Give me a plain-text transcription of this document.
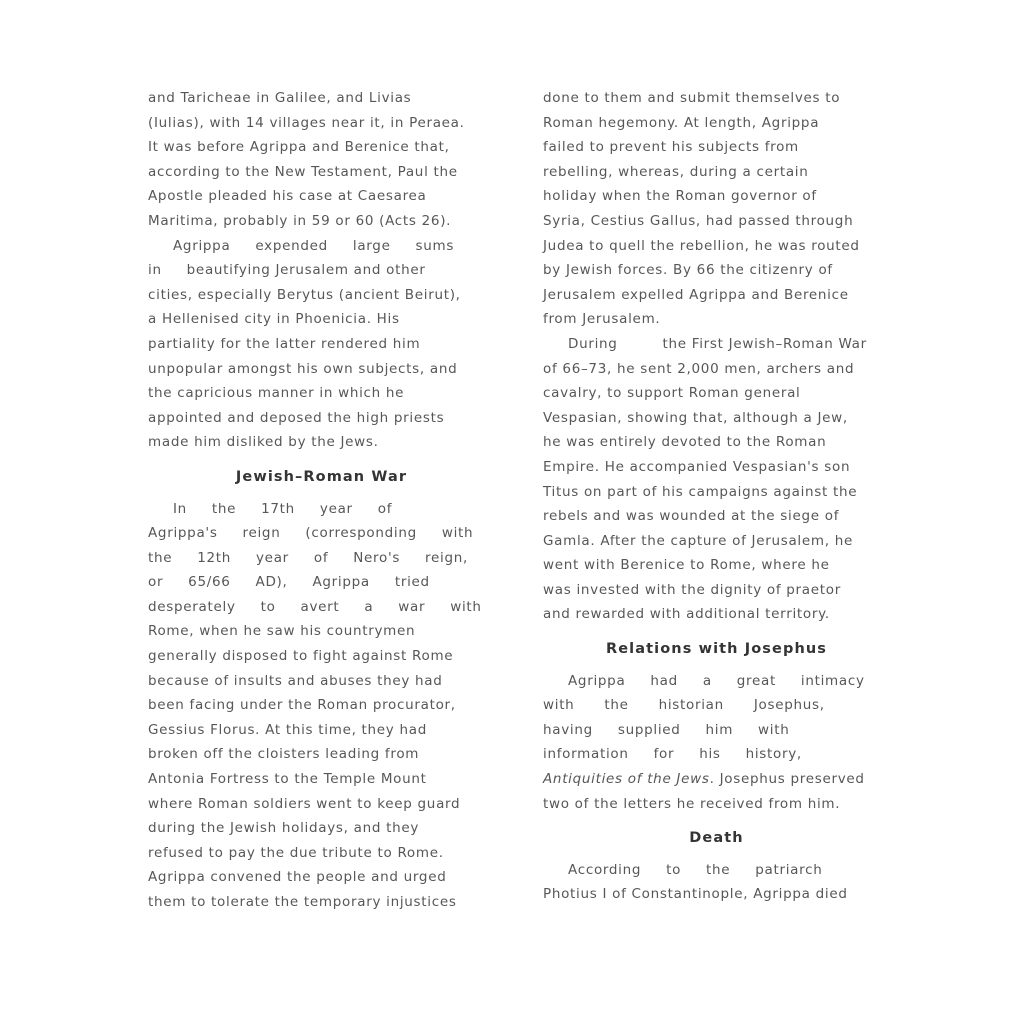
and Taricheae in Galilee, and Livias
(Iulias), with 14 villages near it, in Peraea.
It was before Agrippa and Berenice that,
according to the New Testament, Paul the
Apostle pleaded his case at Caesarea
Maritima, probably in 59 or 60 (Acts 26).
Agrippa     expended     large     sums
in     beautifying Jerusalem and other
cities, especially Berytus (ancient Beirut),
a Hellenised city in Phoenicia. His
partiality for the latter rendered him
unpopular amongst his own subjects, and
the capricious manner in which he
appointed and deposed the high priests
made him disliked by the Jews.
Jewish–Roman War
In     the     17th     year     of
Agrippa's     reign     (corresponding     with
the     12th     year     of     Nero's     reign,
or     65/66     AD),     Agrippa     tried
desperately     to     avert     a     war     with
Rome, when he saw his countrymen
generally disposed to fight against Rome
because of insults and abuses they had
been facing under the Roman procurator,
Gessius Florus. At this time, they had
broken off the cloisters leading from
Antonia Fortress to the Temple Mount
where Roman soldiers went to keep guard
during the Jewish holidays, and they
refused to pay the due tribute to Rome.
Agrippa convened the people and urged
them to tolerate the temporary injustices
done to them and submit themselves to
Roman hegemony. At length, Agrippa
failed to prevent his subjects from
rebelling, whereas, during a certain
holiday when the Roman governor of
Syria, Cestius Gallus, had passed through
Judea to quell the rebellion, he was routed
by Jewish forces. By 66 the citizenry of
Jerusalem expelled Agrippa and Berenice
from Jerusalem.
During         the First Jewish–Roman War
of 66–73, he sent 2,000 men, archers and
cavalry, to support Roman general
Vespasian, showing that, although a Jew,
he was entirely devoted to the Roman
Empire. He accompanied Vespasian's son
Titus on part of his campaigns against the
rebels and was wounded at the siege of
Gamla. After the capture of Jerusalem, he
went with Berenice to Rome, where he
was invested with the dignity of praetor
and rewarded with additional territory.
Relations with Josephus
Agrippa     had     a     great     intimacy
with      the      historian      Josephus,
having     supplied     him     with
information     for     his     history,
Antiquities of the Jews. Josephus preserved
two of the letters he received from him.
Death
According     to     the     patriarch
Photius I of Constantinople, Agrippa died
